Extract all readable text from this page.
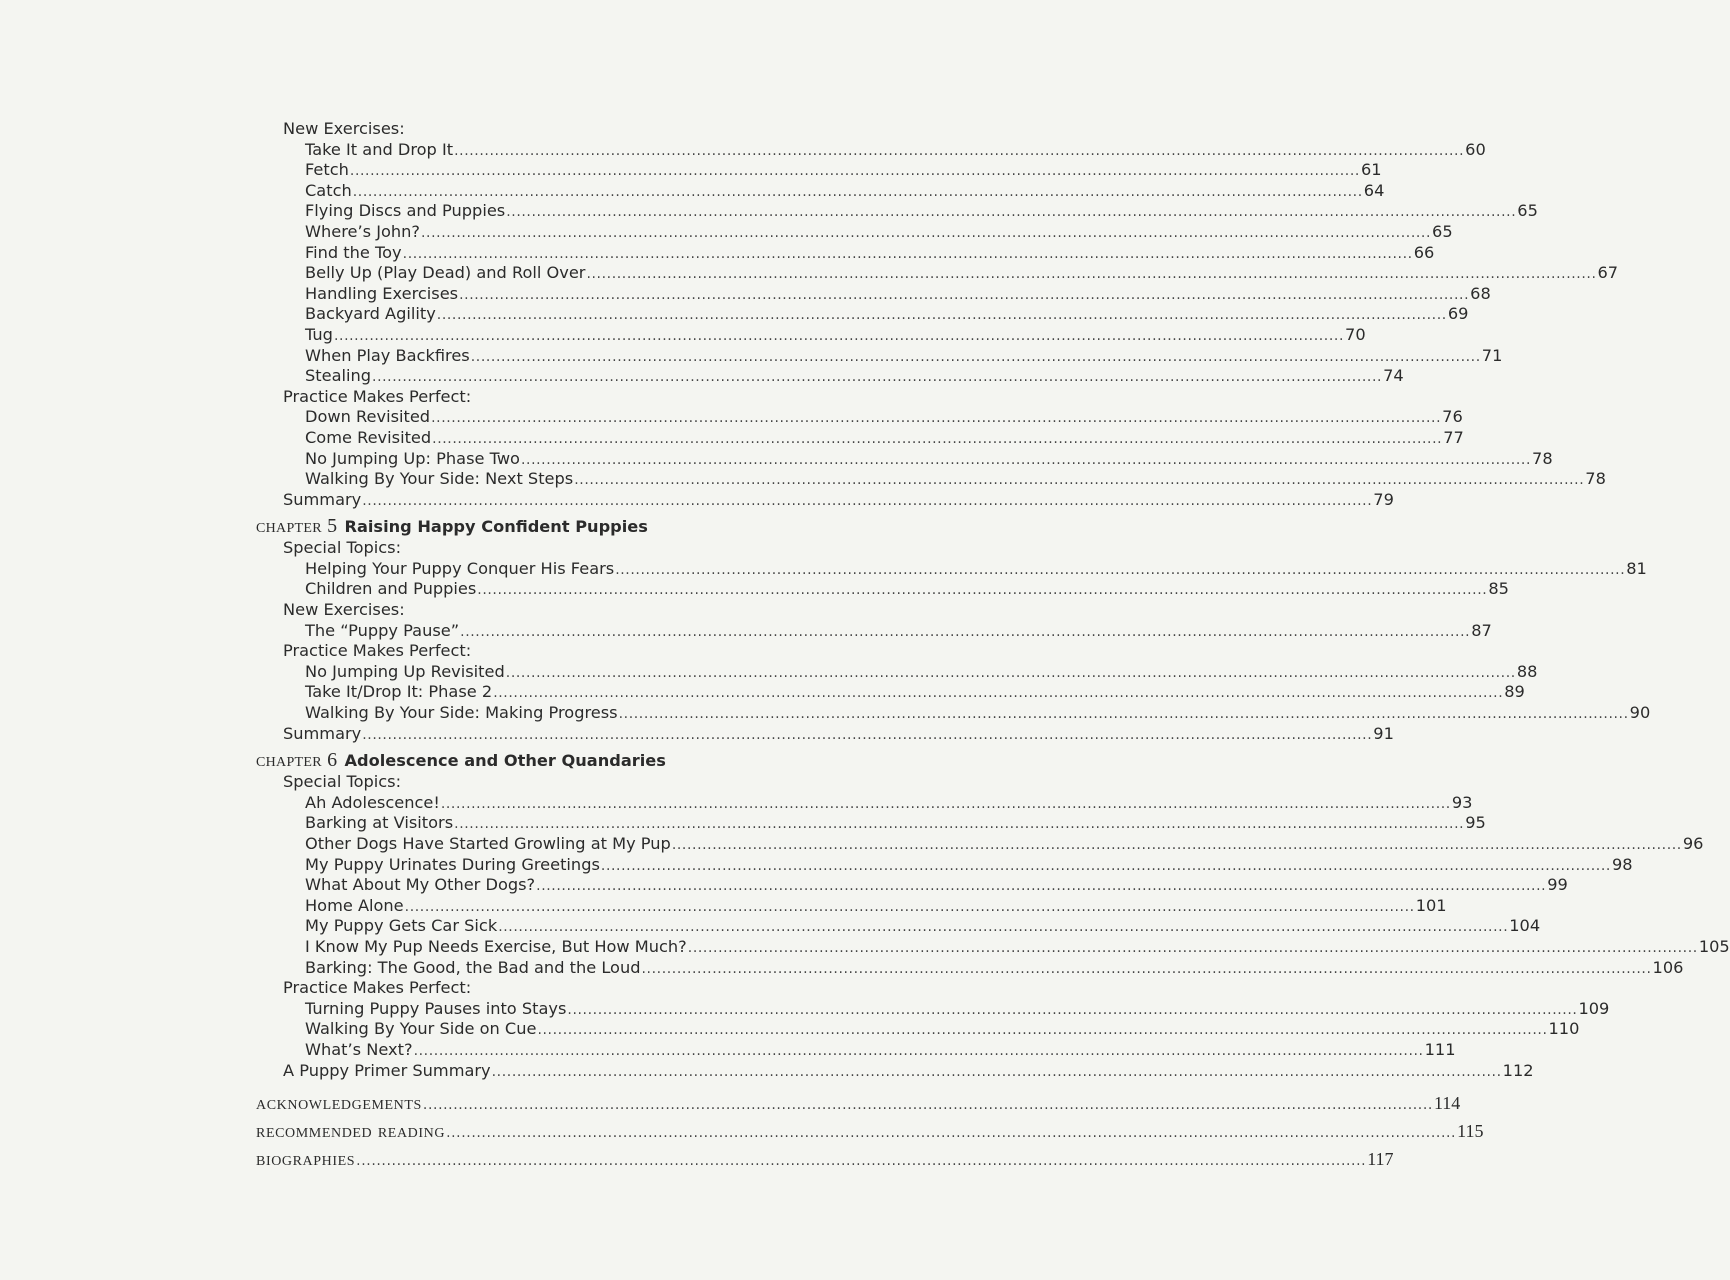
New Exercises:
Take It and Drop It ........................................................................................................................................................................................................ 60
Fetch ........................................................................................................................................................................................................ 61
Catch ........................................................................................................................................................................................................ 64
Flying Discs and Puppies ........................................................................................................................................................................................................ 65
Where’s John? ........................................................................................................................................................................................................ 65
Find the Toy ........................................................................................................................................................................................................ 66
Belly Up (Play Dead) and Roll Over ........................................................................................................................................................................................................ 67
Handling Exercises ........................................................................................................................................................................................................ 68
Backyard Agility ........................................................................................................................................................................................................ 69
Tug ........................................................................................................................................................................................................ 70
When Play Backfires ........................................................................................................................................................................................................ 71
Stealing ........................................................................................................................................................................................................ 74
Practice Makes Perfect:
Down Revisited ........................................................................................................................................................................................................ 76
Come Revisited ........................................................................................................................................................................................................ 77
No Jumping Up: Phase Two ........................................................................................................................................................................................................ 78
Walking By Your Side: Next Steps ........................................................................................................................................................................................................ 78
Summary ........................................................................................................................................................................................................ 79
chapter 5 Raising Happy Confident Puppies
Special Topics:
Helping Your Puppy Conquer His Fears ........................................................................................................................................................................................................ 81
Children and Puppies ........................................................................................................................................................................................................ 85
New Exercises:
The “Puppy Pause” ........................................................................................................................................................................................................ 87
Practice Makes Perfect:
No Jumping Up Revisited ........................................................................................................................................................................................................ 88
Take It/Drop It: Phase 2 ........................................................................................................................................................................................................ 89
Walking By Your Side: Making Progress ........................................................................................................................................................................................................ 90
Summary ........................................................................................................................................................................................................ 91
chapter 6 Adolescence and Other Quandaries
Special Topics:
Ah Adolescence! ........................................................................................................................................................................................................ 93
Barking at Visitors ........................................................................................................................................................................................................ 95
Other Dogs Have Started Growling at My Pup ........................................................................................................................................................................................................ 96
My Puppy Urinates During Greetings ........................................................................................................................................................................................................ 98
What About My Other Dogs? ........................................................................................................................................................................................................ 99
Home Alone ........................................................................................................................................................................................................ 101
My Puppy Gets Car Sick ........................................................................................................................................................................................................ 104
I Know My Pup Needs Exercise, But How Much? ........................................................................................................................................................................................................ 105
Barking: The Good, the Bad and the Loud ........................................................................................................................................................................................................ 106
Practice Makes Perfect:
Turning Puppy Pauses into Stays ........................................................................................................................................................................................................ 109
Walking By Your Side on Cue ........................................................................................................................................................................................................ 110
What’s Next? ........................................................................................................................................................................................................ 111
A Puppy Primer Summary ........................................................................................................................................................................................................ 112
acknowledgements ........................................................................................................................................................................................................ 114
recommended reading ........................................................................................................................................................................................................ 115
biographies ........................................................................................................................................................................................................ 117
